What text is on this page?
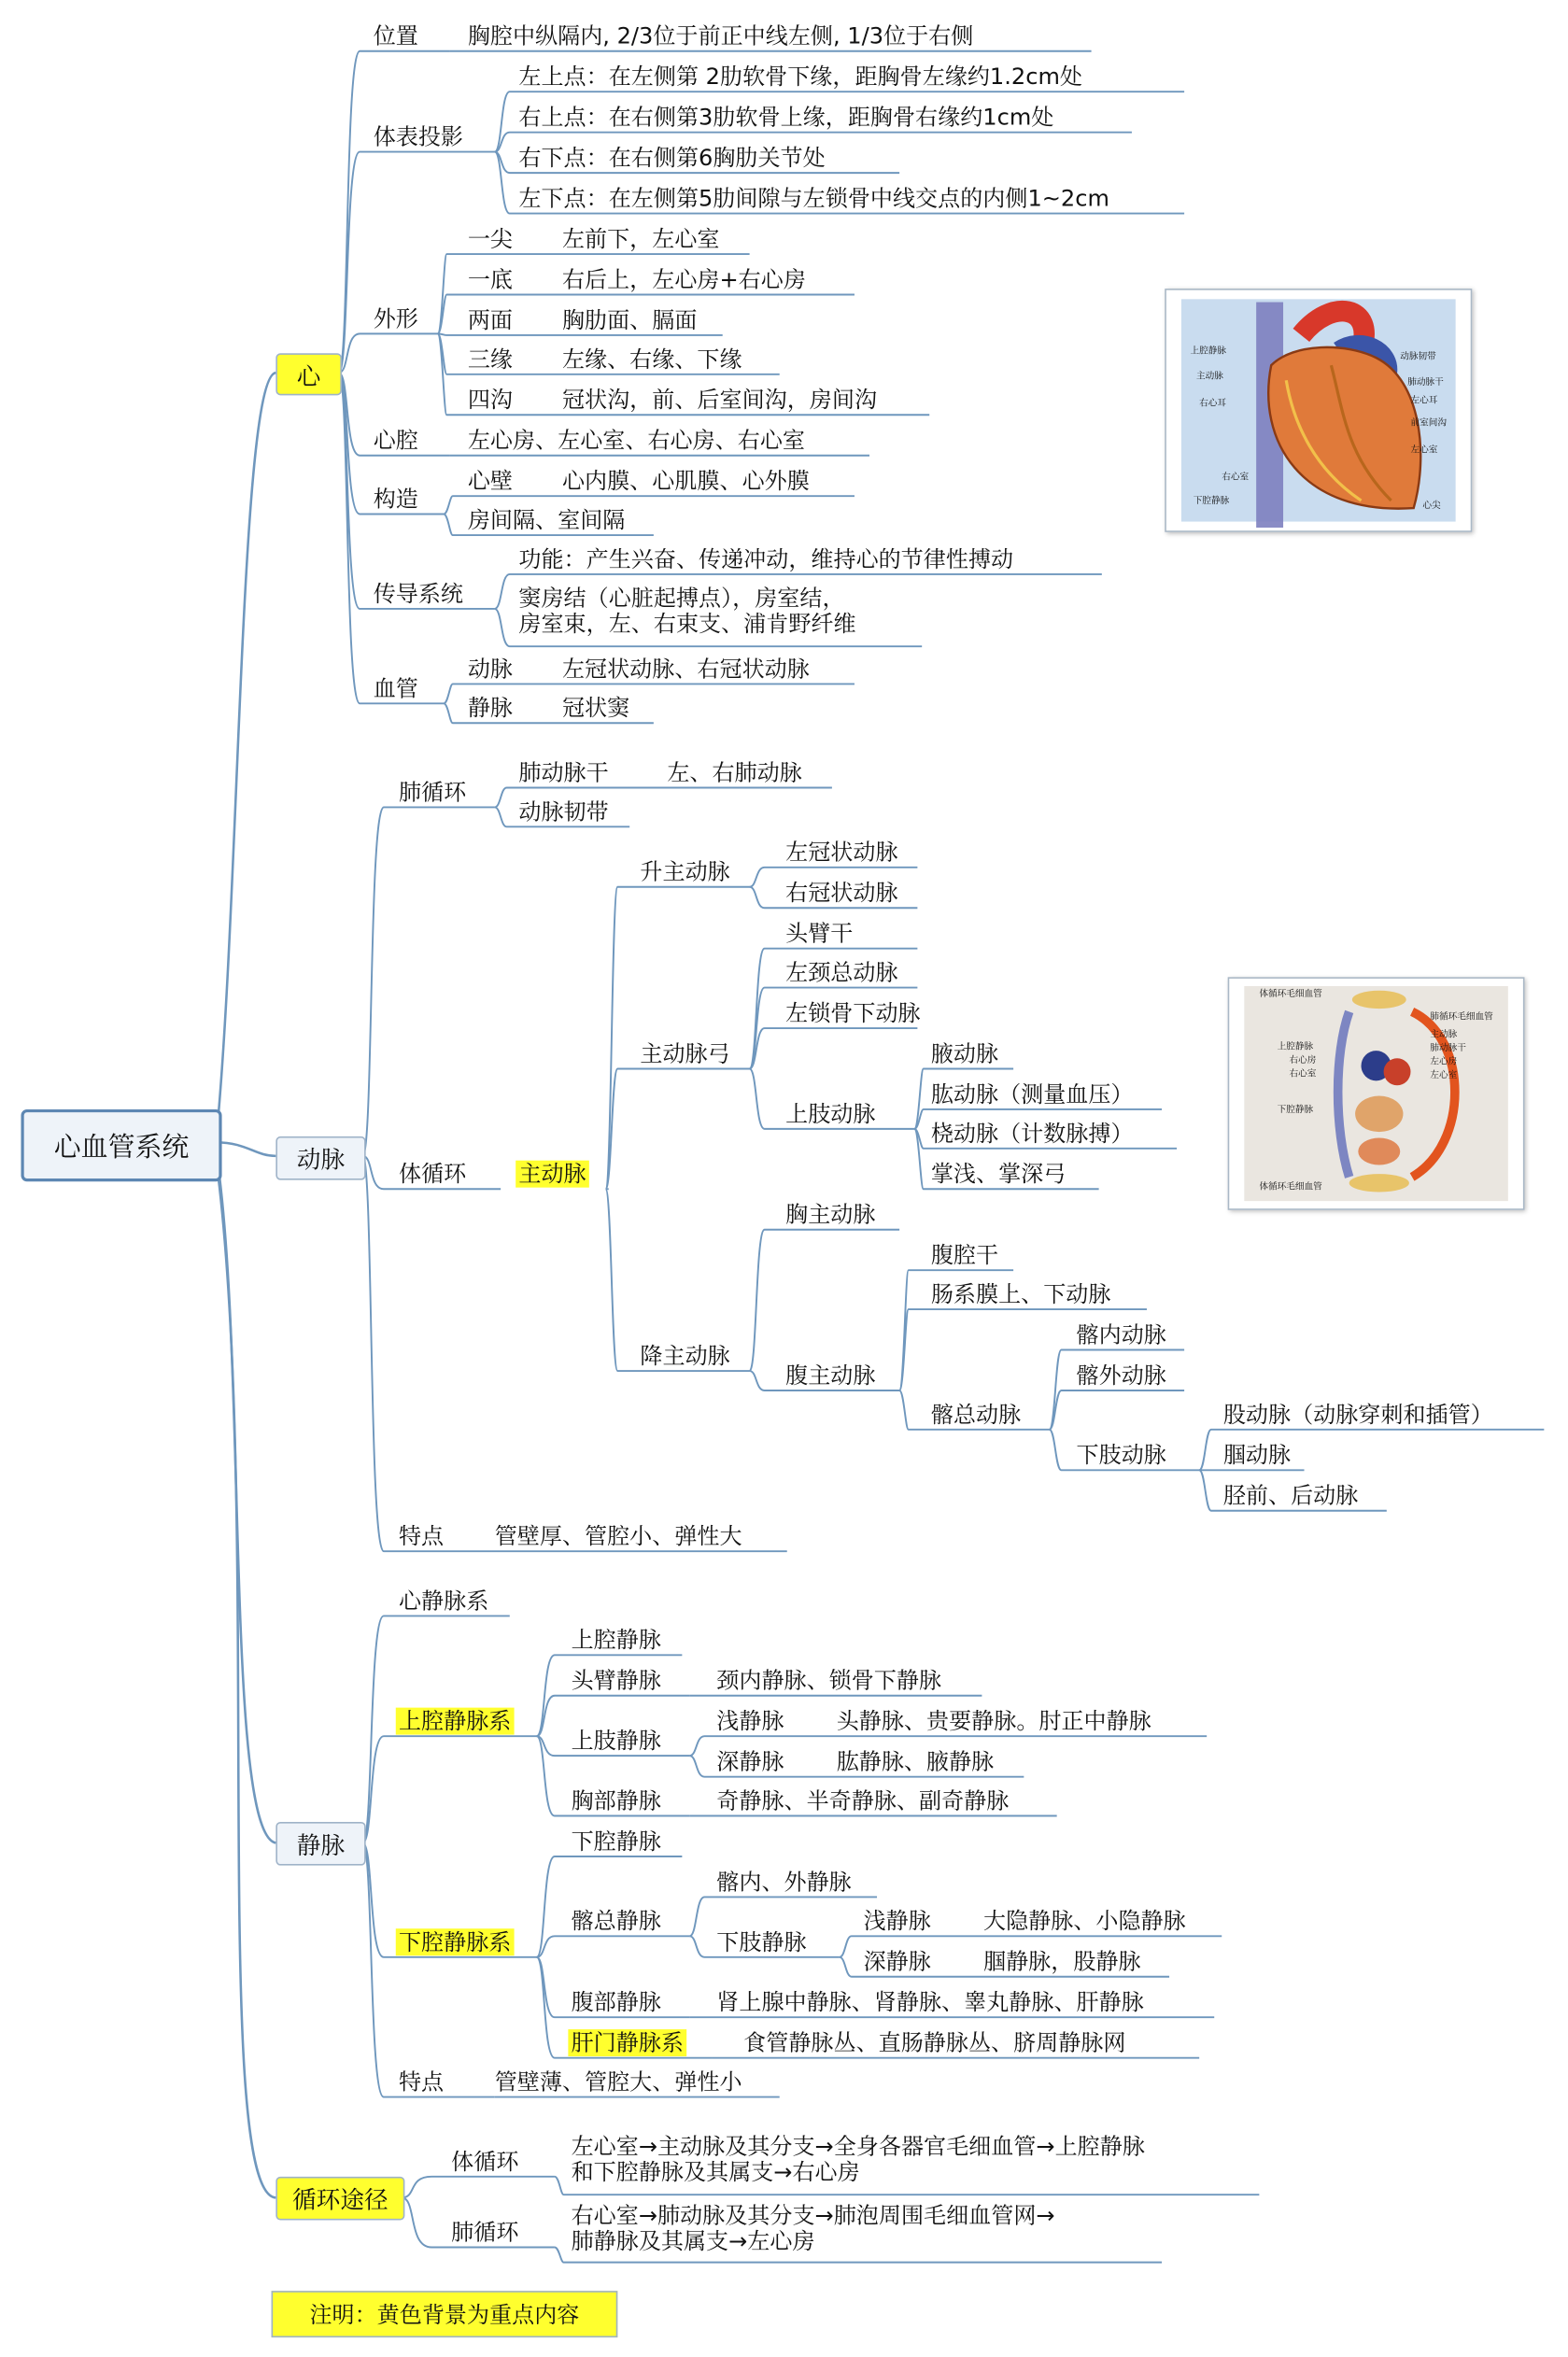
心血管系统
心
位置	胸腔中纵隔内, 2/3位于前正中线左侧, 1/3位于右侧
体表投影
左上点：在左侧第 2肋软骨下缘，距胸骨左缘约1.2cm处
右上点：在右侧第3肋软骨上缘，距胸骨右缘约1cm处
右下点：在右侧第6胸肋关节处
左下点：在左侧第5肋间隙与左锁骨中线交点的内侧1~2cm
外形
一尖	左前下，左心室
一底	右后上，左心房+右心房
两面	胸肋面、膈面
三缘	左缘、右缘、下缘
四沟	冠状沟，前、后室间沟，房间沟
心腔	左心房、左心室、右心房、右心室
构造
心壁	心内膜、心肌膜、心外膜
房间隔、室间隔
传导系统
功能：产生兴奋、传递冲动，维持心的节律性搏动
窦房结（心脏起搏点），房室结，
房室束，左、右束支、浦肯野纤维
血管
动脉	左冠状动脉、右冠状动脉
静脉	冠状窦
上腔静脉
主动脉
右心耳
动脉韧带
肺动脉干
左心耳
前室间沟
左心室
右心室
下腔静脉	心尖
动脉
肺循环
肺动脉干	左、右肺动脉
动脉韧带
体循环	主动脉
升主动脉
左冠状动脉
右冠状动脉
主动脉弓
头臂干
左颈总动脉
左锁骨下动脉
上肢动脉
腋动脉
肱动脉（测量血压）
桡动脉（计数脉搏）
掌浅、掌深弓
降主动脉
胸主动脉
腹主动脉
腹腔干
肠系膜上、下动脉
髂总动脉
髂内动脉
髂外动脉
下肢动脉
股动脉（动脉穿刺和插管）
腘动脉
胫前、后动脉
特点	管壁厚、管腔小、弹性大
体循环毛细血管
肺循环毛细血管
主动脉
肺动脉干
左心房
上腔静脉
右心房
右心室	左心室
下腔静脉
体循环毛细血管
静脉
心静脉系
上腔静脉系
上腔静脉
头臂静脉	颈内静脉、锁骨下静脉
上肢静脉
浅静脉	头静脉、贵要静脉。肘正中静脉
深静脉	肱静脉、腋静脉
胸部静脉	奇静脉、半奇静脉、副奇静脉
下腔静脉系
下腔静脉
髂总静脉
髂内、外静脉
下肢静脉
浅静脉	大隐静脉、小隐静脉
深静脉	腘静脉，股静脉
腹部静脉	肾上腺中静脉、肾静脉、睾丸静脉、肝静脉
肝门静脉系	食管静脉丛、直肠静脉丛、脐周静脉网
特点	管壁薄、管腔大、弹性小
循环途径
体循环
左心室→主动脉及其分支→全身各器官毛细血管→上腔静脉
和下腔静脉及其属支→右心房
肺循环
右心室→肺动脉及其分支→肺泡周围毛细血管网→
肺静脉及其属支→左心房
注明：黄色背景为重点内容
